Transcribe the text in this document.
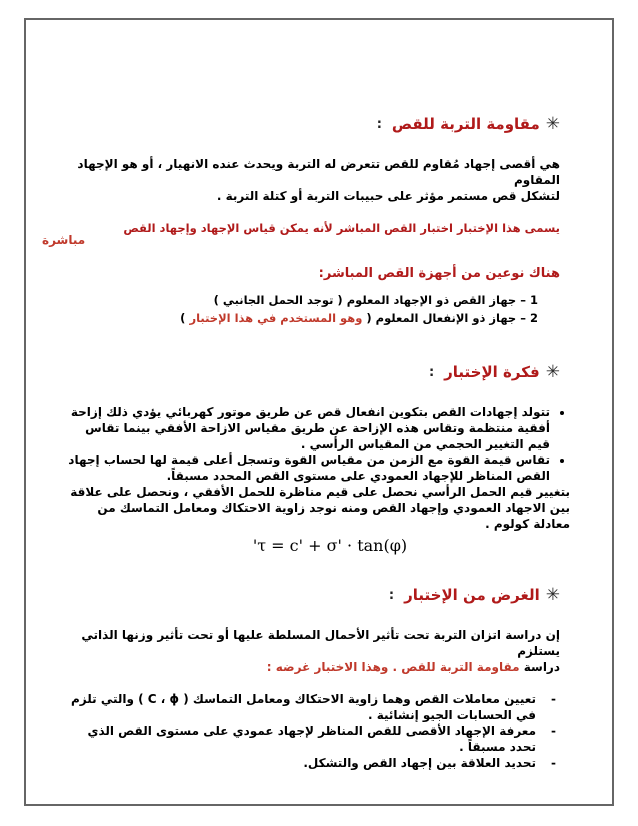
✳
مقاومة التربة للقص
:

هي أقصى إجهاد مُقاوم للقص تتعرض له التربة ويحدث عنده الانهيار ، أو هو الإجهاد المقاوم

لتشكل قص مستمر مؤثر على حبيبات التربة أو كتلة التربة .

يسمى هذا الإختبار اختبار القص المباشر لأنه يمكن قياس الإجهاد وإجهاد القص

مباشرة

هناك نوعين من أجهزة القص المباشر:

1 – جهاز القص ذو الإجهاد المعلوم ( توجد الحمل الجانبي )

2 – جهاز ذو الإنفعال المعلوم ( وهو المستخدم في هذا الإختبار )

✳
فكرة الإختبار
:
• تتولد إجهادات القص بتكوين انفعال قص عن طريق موتور كهربائي يؤدي ذلك إزاحة أفقية منتظمة وتقاس هذه الإزاحة عن طريق مقياس الازاحة الأفقي بينما تقاس قيم التغيير الحجمي من المقياس الرأسي .
• تقاس قيمة القوة مع الزمن من مقياس القوة وتسجل أعلى قيمة لها لحساب إجهاد القص المناظر للإجهاد العمودي على مستوى القص المحدد مسبقاً.

بتغيير قيم الحمل الرأسي نحصل على قيم مناظرة للحمل الأفقي ، ونحصل على علاقة بين الاجهاد العمودي وإجهاد القص ومنه نوجد زاوية الاحتكاك ومعامل التماسك من معادلة كولوم .

'τ = c' + σ' · tan(φ)
✳
الغرض من الإختبار
:

إن دراسة اتزان التربة تحت تأثير الأحمال المسلطة عليها أو تحت تأثير وزنها الذاتي يستلزم

دراسة مقاومة التربة للقص . وهذا الاختبار غرضه :

- تعيين معاملات القص وهما زاوية الاحتكاك ومعامل التماسك ( C ، ϕ ) والتي تلزم في الحسابات الجيو إنشائية .
- معرفة الإجهاد الأقصى للقص المناظر لإجهاد عمودي على مستوى القص الذي تحدد مسبقاً .
- تحديد العلاقة بين إجهاد القص والتشكل.
